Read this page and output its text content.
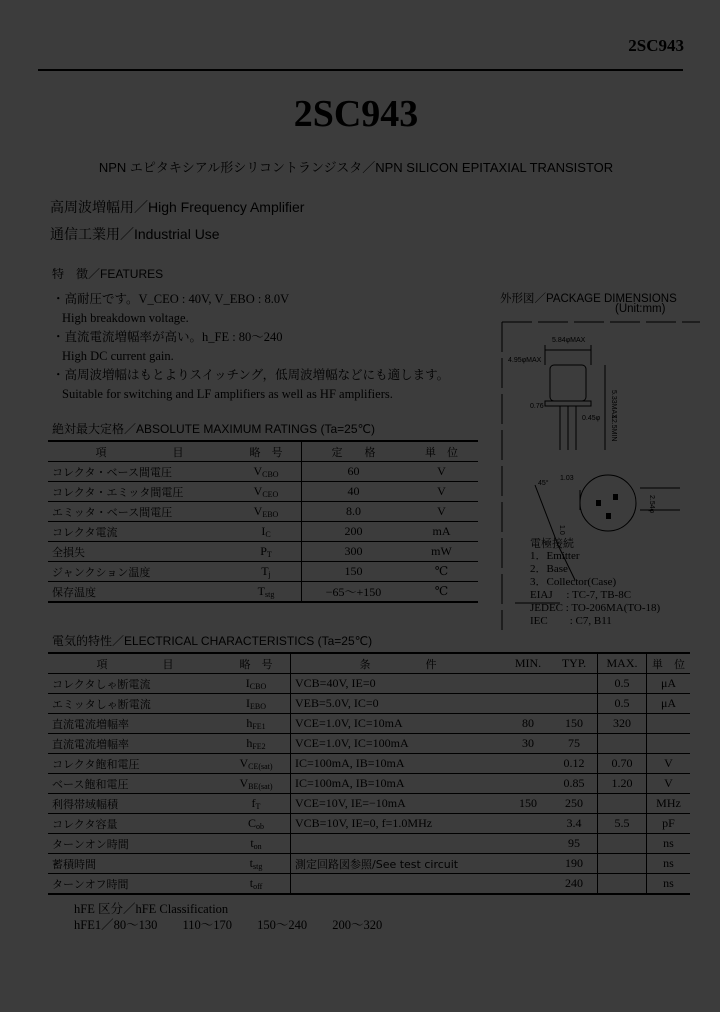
2SC943
2SC943
NPN エピタキシアル形シリコントランジスタ／NPN SILICON EPITAXIAL TRANSISTOR
高周波増幅用／High Frequency Amplifier
通信工業用／Industrial Use
特　徴／FEATURES
・高耐圧です。V_CEO : 40V, V_EBO : 8.0V
High breakdown voltage.
・直流電流増幅率が高い。h_FE : 80〜240
High DC current gain.
・高周波増幅はもとよりスイッチング，低周波増幅などにも適します。
Suitable for switching and LF amplifiers as well as HF amplifiers.
絶対最大定格／ABSOLUTE MAXIMUM RATINGS (Ta=25℃)
項　　　　　　目	略　号	定　　格	単　位
コレクタ・ベース間電圧	$V_{CBO}$	60	V
コレクタ・エミッタ間電圧	$V_{CEO}$	40	V
エミッタ・ベース間電圧	$V_{EBO}$	8.0	V
コレクタ電流	$I_C$	200	mA
全損失	$P_T$	300	mW
ジャンクション温度	$T_j$	150	℃
保存温度	$T_{stg}$	−65〜+150	℃
外形図／PACKAGE DIMENSIONS
(Unit:mm)
5.84φMAX
4.95φMAX
5.33MAX
0.76
0.45φ 12.5MIN
45°
1.03
2.54φ
1.0
電極接続
1．Emitter
2．Base
3．Collector(Case)
EIAJ　 : TC-7, TB-8C
JEDEC : TO-206MA(TO-18)
IEC　　: C7, B11
電気的特性／ELECTRICAL CHARACTERISTICS (Ta=25℃)
項　　　　　目	略　号	条　　　　　件	MIN.	TYP.	MAX.	単　位
コレクタしゃ断電流	$I_{CBO}$	VCB=40V, IE=0			0.5	μA
エミッタしゃ断電流	$I_{EBO}$	VEB=5.0V, IC=0			0.5	μA
直流電流増幅率	$h_{FE1}$	VCE=1.0V, IC=10mA	80	150	320	
直流電流増幅率	$h_{FE2}$	VCE=1.0V, IC=100mA	30	75		
コレクタ飽和電圧	$V_{CE(sat)}$	IC=100mA, IB=10mA		0.12	0.70	V
ベース飽和電圧	$V_{BE(sat)}$	IC=100mA, IB=10mA		0.85	1.20	V
利得帯域幅積	$f_T$	VCE=10V, IE=−10mA	150	250		MHz
コレクタ容量	$C_{ob}$	VCB=10V, IE=0, f=1.0MHz		3.4	5.5	pF
ターンオン時間	$t_{on}$			95		ns
蓄積時間	$t_{stg}$	測定回路図参照/See test circuit		190		ns
ターンオフ時間	$t_{off}$			240		ns
hFE 区分／hFE Classification
hFE1／80〜130 110〜170 150〜240 200〜320
